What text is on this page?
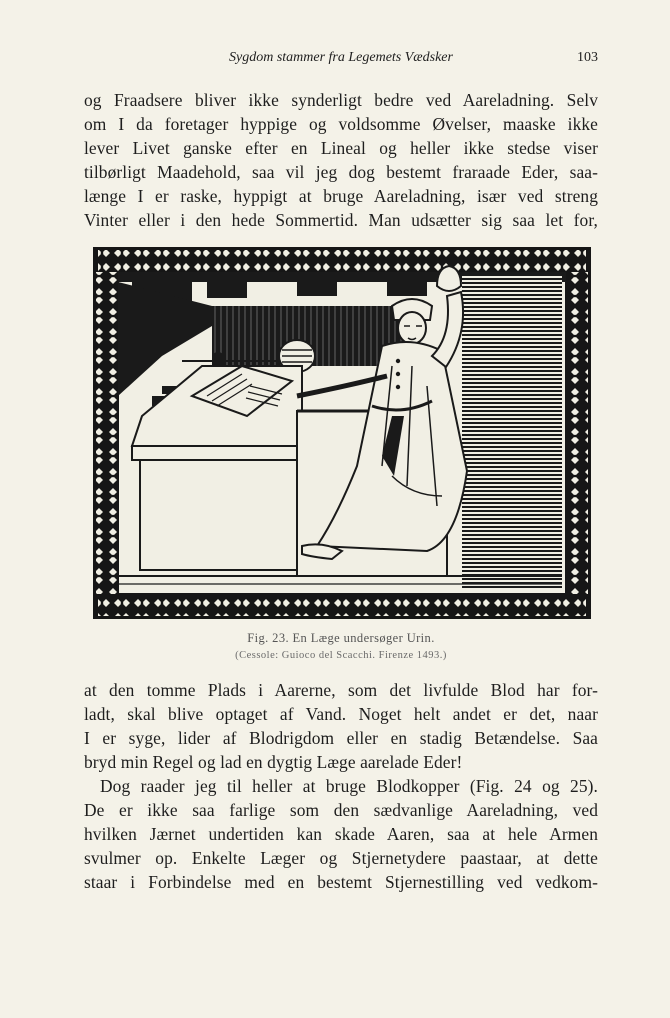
Sygdom stammer fra Legemets Vædsker	103
og Fraadsere bliver ikke synderligt bedre ved Aareladning. Selv
om I da foretager hyppige og voldsomme Øvelser, maaske ikke
lever Livet ganske efter en Lineal og heller ikke stedse viser
tilbørligt Maadehold, saa vil jeg dog bestemt fraraade Eder, saa-
længe I er raske, hyppigt at bruge Aareladning, især ved streng
Vinter eller i den hede Sommertid. Man udsætter sig saa let for,
Fig. 23. En Læge undersøger Urin.
(Cessole: Guioco del Scacchi. Firenze 1493.)
at den tomme Plads i Aarerne, som det livfulde Blod har for-
ladt, skal blive optaget af Vand. Noget helt andet er det, naar
I er syge, lider af Blodrigdom eller en stadig Betændelse. Saa
bryd min Regel og lad en dygtig Læge aarelade Eder!
Dog raader jeg til heller at bruge Blodkopper (Fig. 24 og 25).
De er ikke saa farlige som den sædvanlige Aareladning, ved
hvilken Jærnet undertiden kan skade Aaren, saa at hele Armen
svulmer op. Enkelte Læger og Stjernetydere paastaar, at dette
staar i Forbindelse med en bestemt Stjernestilling ved vedkom-
